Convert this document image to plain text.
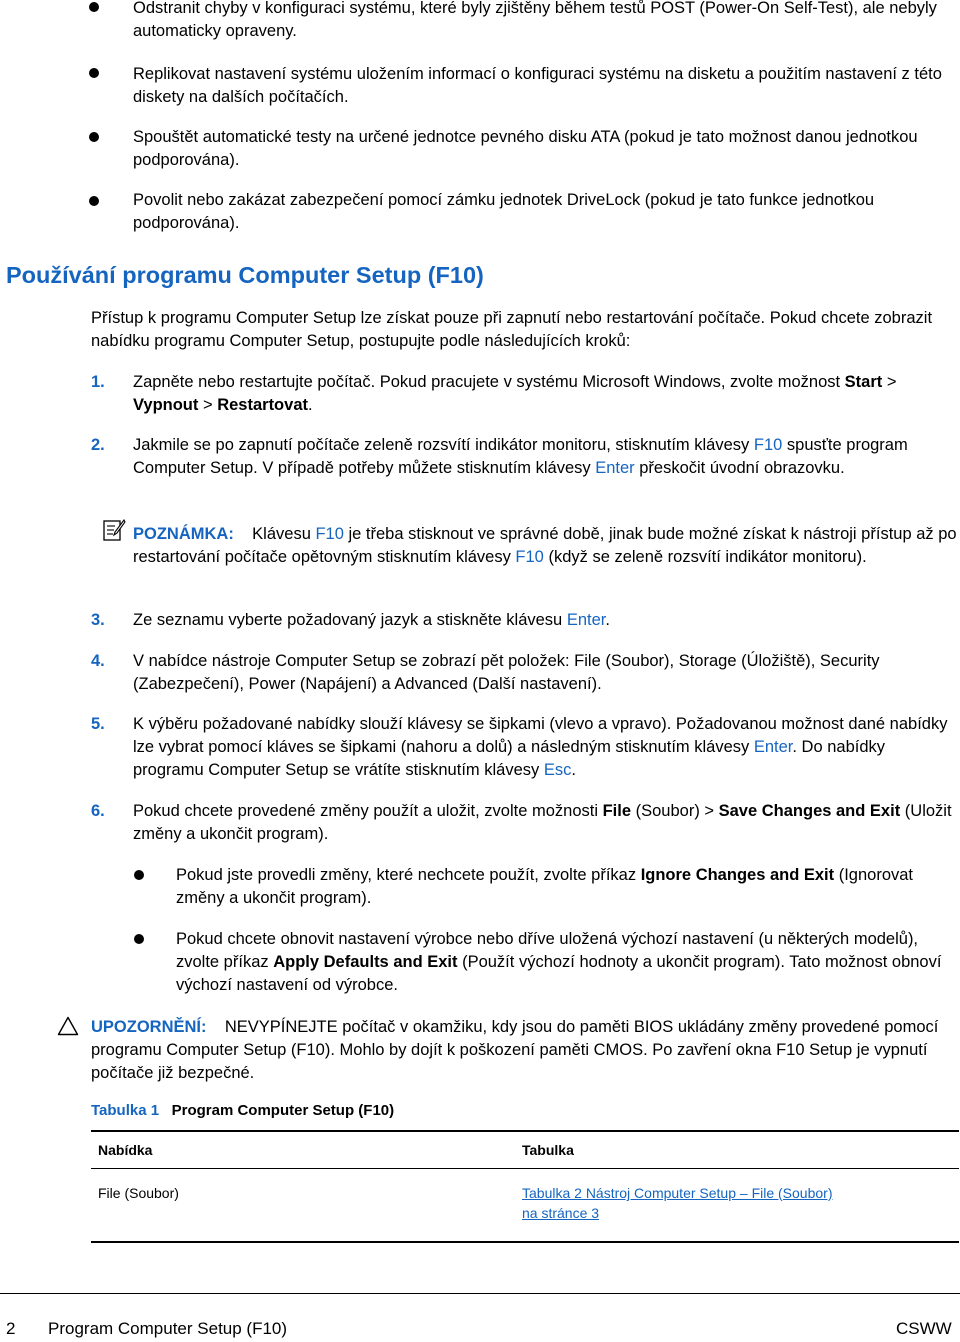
Odstranit chyby v konfiguraci systému, které byly zjištěny během testů POST (Power-On Self-Test), ale nebyly automaticky opraveny.
Replikovat nastavení systému uložením informací o konfiguraci systému na disketu a použitím nastavení z této diskety na dalších počítačích.
Spouštět automatické testy na určené jednotce pevného disku ATA (pokud je tato možnost danou jednotkou podporována).
Povolit nebo zakázat zabezpečení pomocí zámku jednotek DriveLock (pokud je tato funkce jednotkou podporována).
Používání programu Computer Setup (F10)
Přístup k programu Computer Setup lze získat pouze při zapnutí nebo restartování počítače. Pokud chcete zobrazit nabídku programu Computer Setup, postupujte podle následujících kroků:
1. Zapněte nebo restartujte počítač. Pokud pracujete v systému Microsoft Windows, zvolte možnost Start > Vypnout > Restartovat.
2. Jakmile se po zapnutí počítače zeleně rozsvítí indikátor monitoru, stisknutím klávesy F10 spusťte program Computer Setup. V případě potřeby můžete stisknutím klávesy Enter přeskočit úvodní obrazovku.
POZNÁMKA: Klávesu F10 je třeba stisknout ve správné době, jinak bude možné získat k nástroji přístup až po restartování počítače opětovným stisknutím klávesy F10 (když se zeleně rozsvítí indikátor monitoru).
3. Ze seznamu vyberte požadovaný jazyk a stiskněte klávesu Enter.
4. V nabídce nástroje Computer Setup se zobrazí pět položek: File (Soubor), Storage (Úložiště), Security (Zabezpečení), Power (Napájení) a Advanced (Další nastavení).
5. K výběru požadované nabídky slouží klávesy se šipkami (vlevo a vpravo). Požadovanou možnost dané nabídky lze vybrat pomocí kláves se šipkami (nahoru a dolů) a následným stisknutím klávesy Enter. Do nabídky programu Computer Setup se vrátíte stisknutím klávesy Esc.
6. Pokud chcete provedené změny použít a uložit, zvolte možnosti File (Soubor) > Save Changes and Exit (Uložit změny a ukončit program).
Pokud jste provedli změny, které nechcete použít, zvolte příkaz Ignore Changes and Exit (Ignorovat změny a ukončit program).
Pokud chcete obnovit nastavení výrobce nebo dříve uložená výchozí nastavení (u některých modelů), zvolte příkaz Apply Defaults and Exit (Použít výchozí hodnoty a ukončit program). Tato možnost obnoví výchozí nastavení od výrobce.
UPOZORNĚNÍ: NEVYPÍNEJTE počítač v okamžiku, kdy jsou do paměti BIOS ukládány změny provedené pomocí programu Computer Setup (F10). Mohlo by dojít k poškození paměti CMOS. Po zavření okna F10 Setup je vypnutí počítače již bezpečné.
Tabulka 1 Program Computer Setup (F10)
Nabídka	Tabulka
File (Soubor)	Tabulka 2 Nástroj Computer Setup – File (Soubor)
na stránce 3
2 Program Computer Setup (F10)	CSWW
